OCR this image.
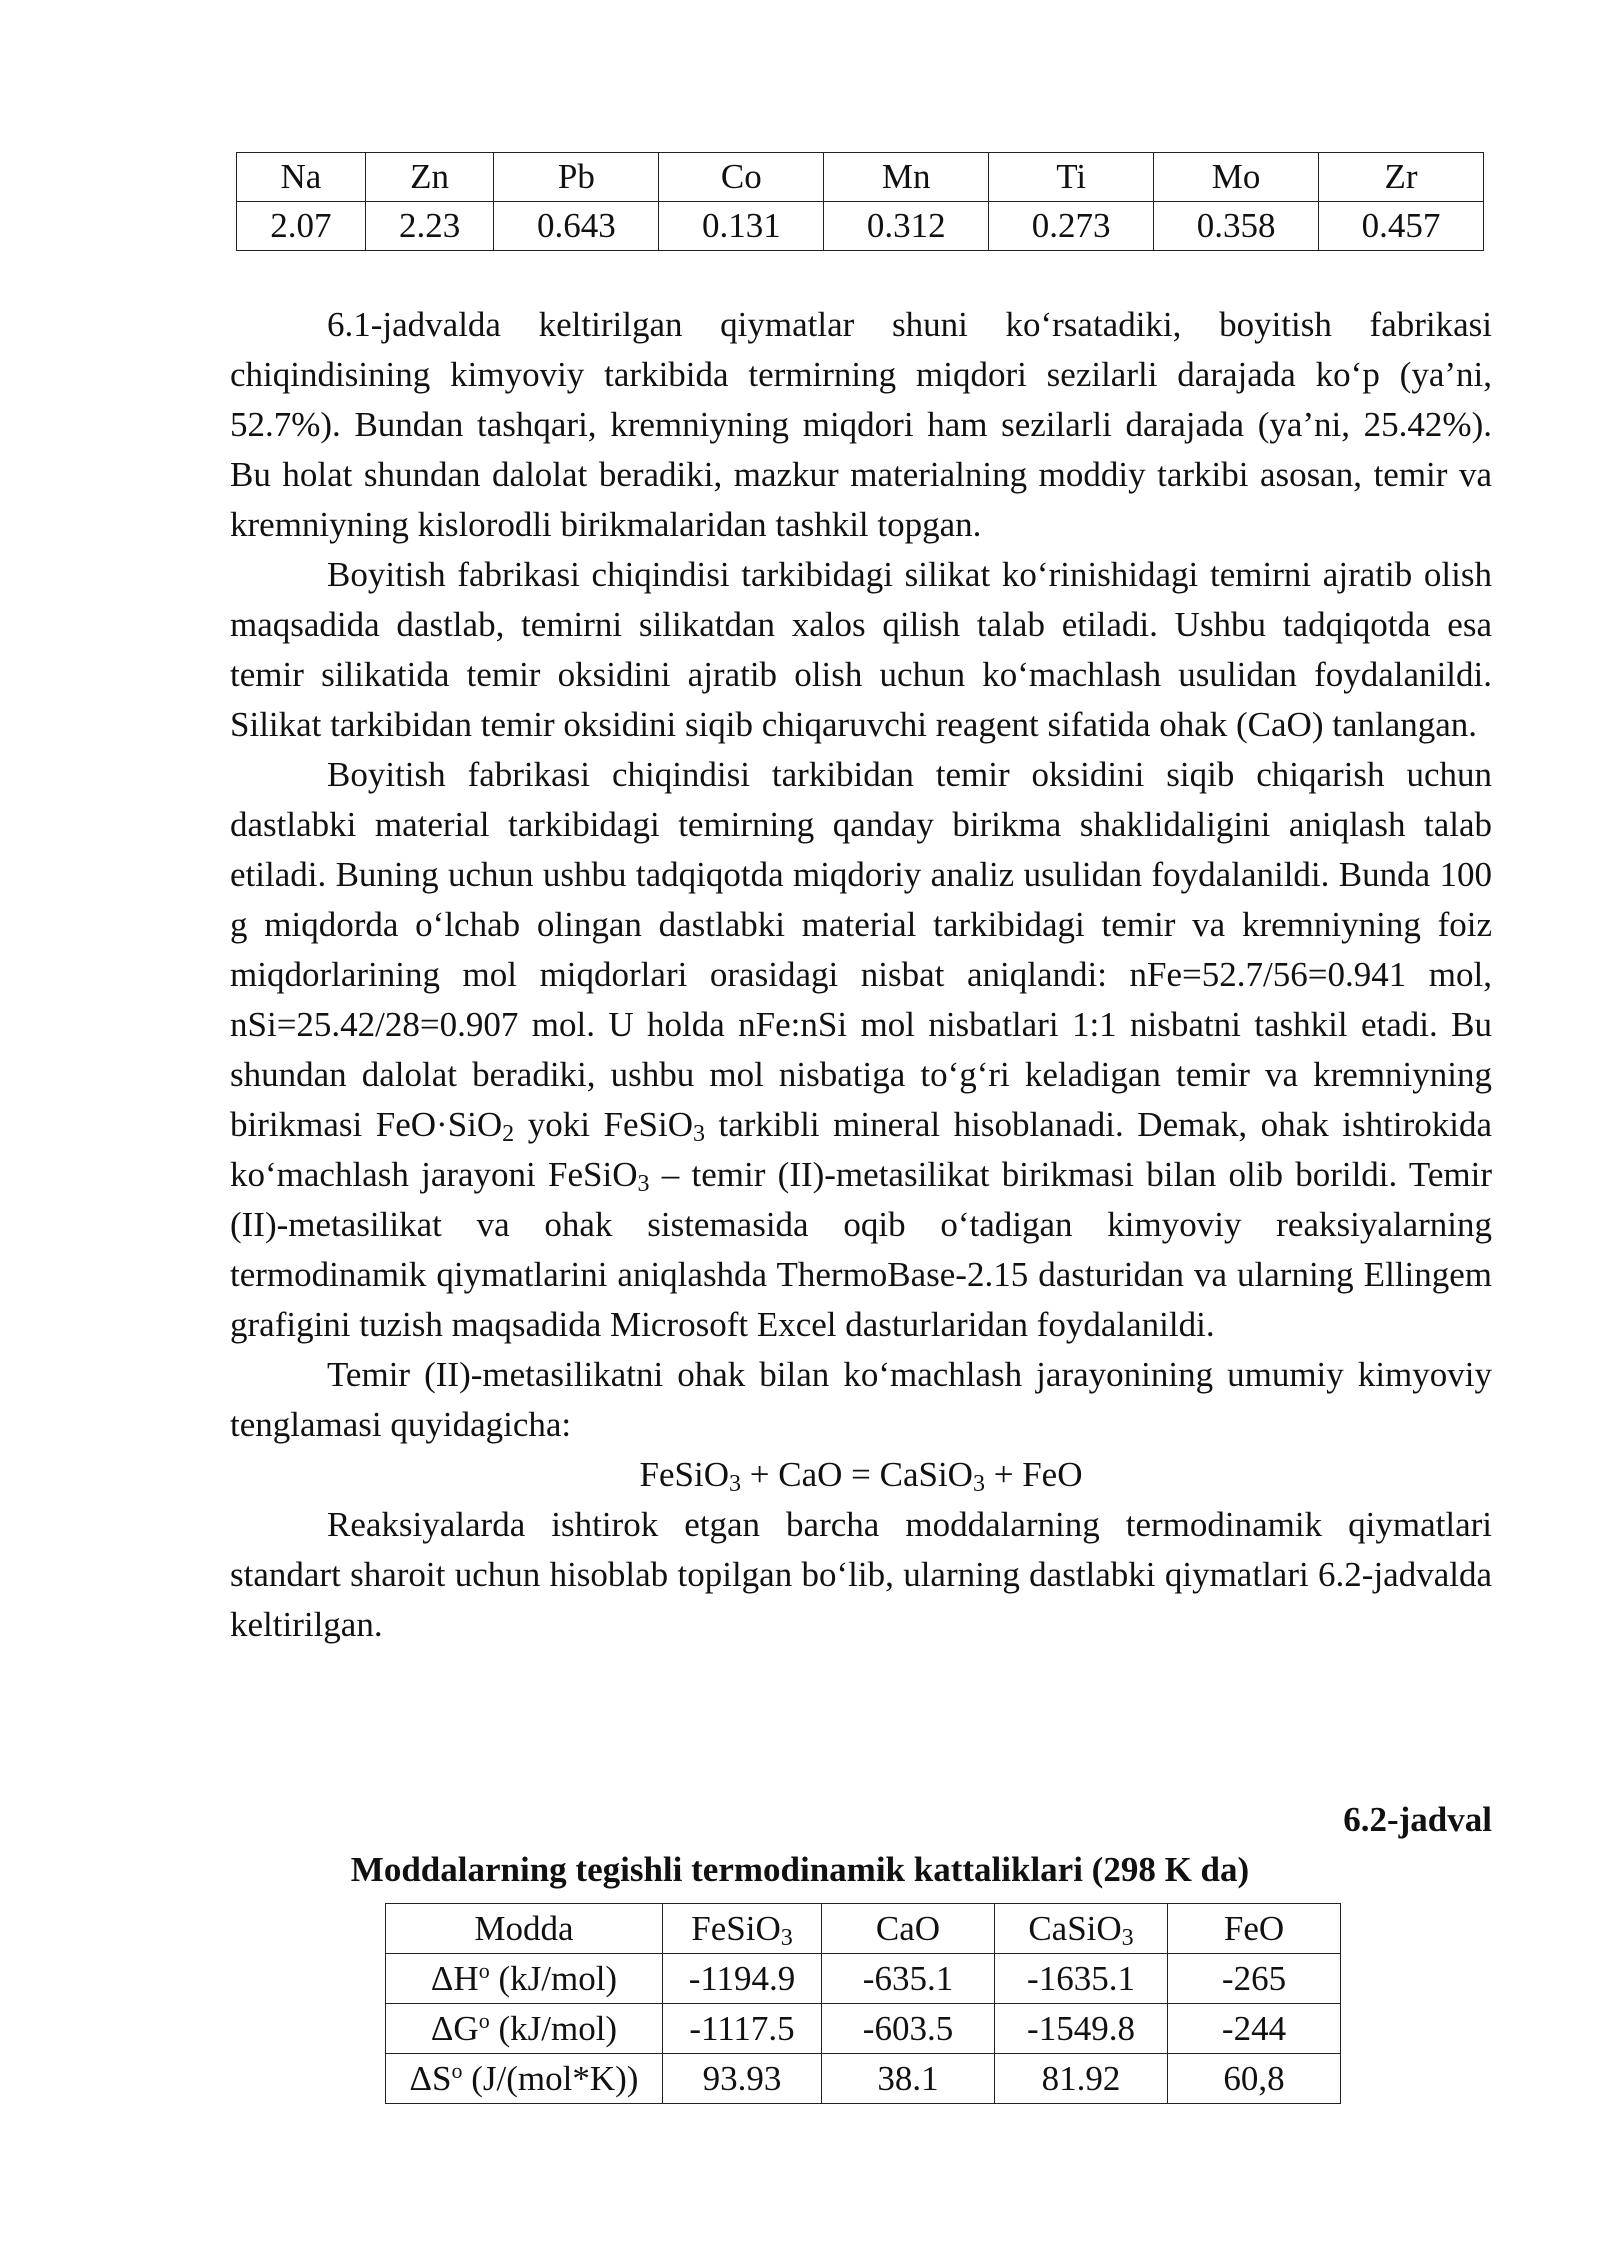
Na	Zn	Pb	Co	Mn	Ti	Mo	Zr
2.07	2.23	0.643	0.131	0.312	0.273	0.358	0.457

6.1-jadvalda keltirilgan qiymatlar shuni ko‘rsatadiki, boyitish fabrikasi chiqindisining kimyoviy tarkibida termirning miqdori sezilarli darajada ko‘p (ya’ni, 52.7%). Bundan tashqari, kremniyning miqdori ham sezilarli darajada (ya’ni, 25.42%). Bu holat shundan dalolat beradiki, mazkur materialning moddiy tarkibi asosan, temir va kremniyning kislorodli birikmalaridan tashkil topgan.

Boyitish fabrikasi chiqindisi tarkibidagi silikat ko‘rinishidagi temirni ajratib olish maqsadida dastlab, temirni silikatdan xalos qilish talab etiladi. Ushbu tadqiqotda esa temir silikatida temir oksidini ajratib olish uchun ko‘machlash usulidan foydalanildi. Silikat tarkibidan temir oksidini siqib chiqaruvchi reagent sifatida ohak (CaO) tanlangan.

Boyitish fabrikasi chiqindisi tarkibidan temir oksidini siqib chiqarish uchun dastlabki material tarkibidagi temirning qanday birikma shaklidaligini aniqlash talab etiladi. Buning uchun ushbu tadqiqotda miqdoriy analiz usulidan foydalanildi. Bunda 100 g miqdorda o‘lchab olingan dastlabki material tarkibidagi temir va kremniyning foiz miqdorlarining mol miqdorlari orasidagi nisbat aniqlandi: nFe=52.7/56=0.941 mol, nSi=25.42/28=0.907 mol. U holda nFe:nSi mol nisbatlari 1:1 nisbatni tashkil etadi. Bu shundan dalolat beradiki, ushbu mol nisbatiga to‘g‘ri keladigan temir va kremniyning birikmasi FeO·SiO$_2$ yoki FeSiO$_3$ tarkibli mineral hisoblanadi. Demak, ohak ishtirokida ko‘machlash jarayoni FeSiO$_3$ – temir (II)-metasilikat birikmasi bilan olib borildi. Temir (II)-metasilikat va ohak sistemasida oqib o‘tadigan kimyoviy reaksiyalarning termodinamik qiymatlarini aniqlashda ThermoBase-2.15 dasturidan va ularning Ellingem grafigini tuzish maqsadida Microsoft Excel dasturlaridan foydalanildi.

Temir (II)-metasilikatni ohak bilan ko‘machlash jarayonining umumiy kimyoviy tenglamasi quyidagicha:

FeSiO$_3$ + CaO = CaSiO$_3$ + FeO

Reaksiyalarda ishtirok etgan barcha moddalarning termodinamik qiymatlari standart sharoit uchun hisoblab topilgan bo‘lib, ularning dastlabki qiymatlari 6.2-jadvalda keltirilgan.

6.2-jadval
Moddalarning tegishli termodinamik kattaliklari (298 K da)
Modda	FeSiO$_3$	CaO	CaSiO$_3$	FeO
$\Delta H^o$ (kJ/mol)	-1194.9	-635.1	-1635.1	-265
$\Delta G^o$ (kJ/mol)	-1117.5	-603.5	-1549.8	-244
$\Delta S^o$ (J/(mol*K))	93.93	38.1	81.92	60,8
